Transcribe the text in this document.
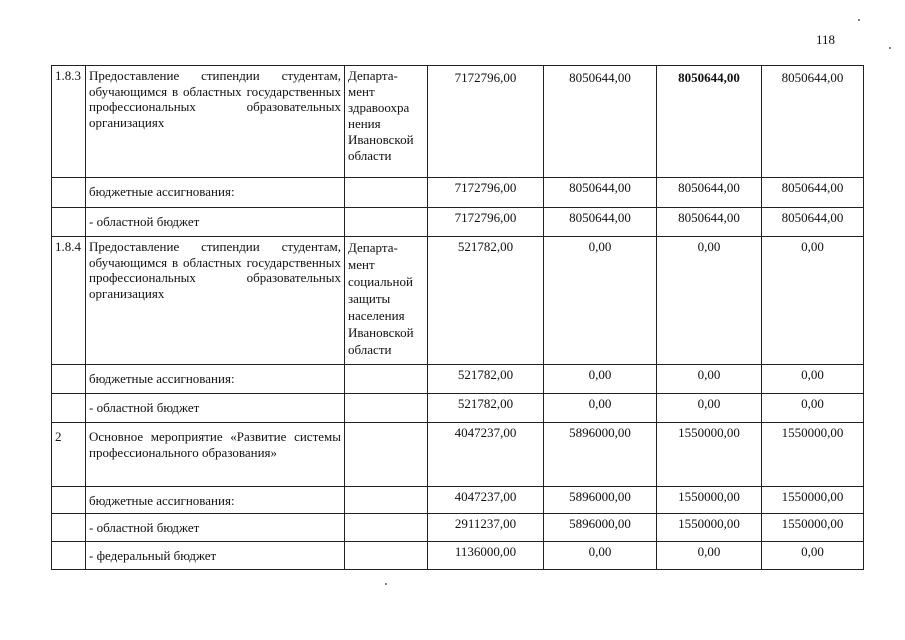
118
1.8.3	Предоставление стипендии студентам, обучающимся в областных государственных профессиональных образовательных организациях	Департа- мент здравоохра нения Ивановской области	7172796,00	8050644,00	8050644,00	8050644,00
	бюджетные ассигнования:		7172796,00	8050644,00	8050644,00	8050644,00
	- областной бюджет		7172796,00	8050644,00	8050644,00	8050644,00
1.8.4	Предоставление стипендии студентам, обучающимся в областных государственных профессиональных образовательных организациях	Департа- мент социальной защиты населения Ивановской области	521782,00	0,00	0,00	0,00
	бюджетные ассигнования:		521782,00	0,00	0,00	0,00
	- областной бюджет		521782,00	0,00	0,00	0,00
2	Основное мероприятие «Развитие системы профессионального образования»		4047237,00	5896000,00	1550000,00	1550000,00
	бюджетные ассигнования:		4047237,00	5896000,00	1550000,00	1550000,00
	- областной бюджет		2911237,00	5896000,00	1550000,00	1550000,00
	- федеральный бюджет		1136000,00	0,00	0,00	0,00
